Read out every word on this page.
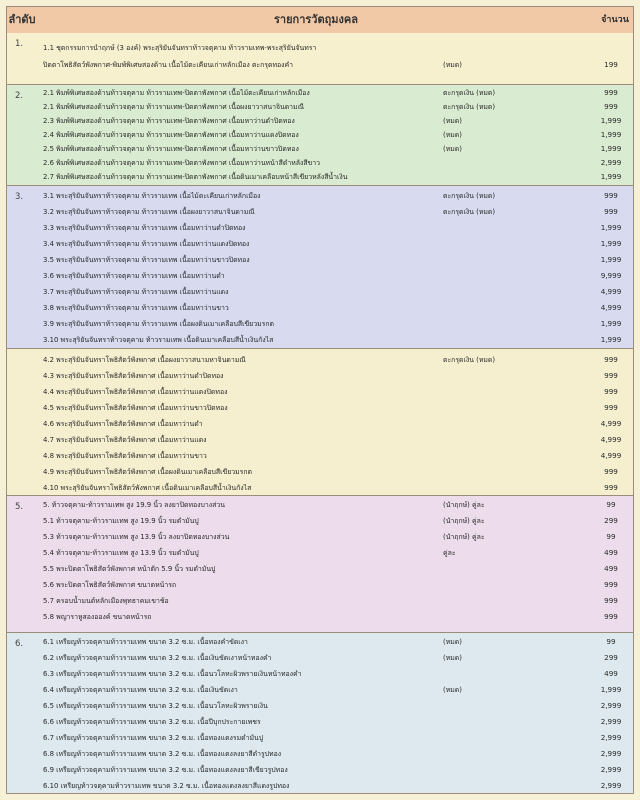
ลำดับ	รายการวัตถุมงคล	จำนวน
1.	1.1 ชุดกรรมการนำฤกษ์ (3 องค์) พระสุริยันจันทราท้าวจตุคาม ท้าวรามเทพ-พระสุริยันจันทรา
ปิดตาโพธิสัตว์พังพกาศ-พิมพ์พิเศษสองด้าน เนื้อไม้ตะเคียนเก่าหลักเมือง ตะกรุดทองคำ	(หมด)	199
2.	2.1 พิมพ์พิเศษสองด้านท้าวจตุคาม ท้าวรามเทพ-ปิดตาพังพกาศ เนื้อไม้ตะเคียนเก่าหลักเมือง	ตะกรุดเงิน (หมด)	999
2.1 พิมพ์พิเศษสองด้านท้าวจตุคาม ท้าวรามเทพ-ปิดตาพังพกาศ เนื้อผงยาวาสนาจินดามณี	ตะกรุดเงิน (หมด)	999
2.3 พิมพ์พิเศษสองด้านท้าวจตุคาม ท้าวรามเทพ-ปิดตาพังพกาศ เนื้อมหาว่านดำปิดทอง	(หมด)	1,999
2.4 พิมพ์พิเศษสองด้านท้าวจตุคาม ท้าวรามเทพ-ปิดตาพังพกาศ เนื้อมหาว่านแดงปิดทอง	(หมด)	1,999
2.5 พิมพ์พิเศษสองด้านท้าวจตุคาม ท้าวรามเทพ-ปิดตาพังพกาศ เนื้อมหาว่านขาวปิดทอง	(หมด)	1,999
2.6 พิมพ์พิเศษสองด้านท้าวจตุคาม ท้าวรามเทพ-ปิดตาพังพกาศ เนื้อมหาว่านหน้าสีดำหลังสีขาว	2,999
2.7 พิมพ์พิเศษสองด้านท้าวจตุคาม ท้าวรามเทพ-ปิดตาพังพกาศ เนื้อดินเมาเคลือบหน้าสีเขียวหลังสีน้ำเงิน	1,999
3.	3.1 พระสุริยันจันทราท้าวจตุคาม ท้าวรามเทพ เนื้อไม้ตะเคียนเก่าหลักเมือง	ตะกรุดเงิน (หมด)	999
3.2 พระสุริยันจันทราท้าวจตุคาม ท้าวรามเทพ เนื้อผงยาวาสนาจินดามณี	ตะกรุดเงิน (หมด)	999
3.3 พระสุริยันจันทราท้าวจตุคาม ท้าวรามเทพ เนื้อมหาว่านดำปิดทอง	1,999
3.4 พระสุริยันจันทราท้าวจตุคาม ท้าวรามเทพ เนื้อมหาว่านแดงปิดทอง	1,999
3.5 พระสุริยันจันทราท้าวจตุคาม ท้าวรามเทพ เนื้อมหาว่านขาวปิดทอง	1,999
3.6 พระสุริยันจันทราท้าวจตุคาม ท้าวรามเทพ เนื้อมหาว่านดำ	9,999
3.7 พระสุริยันจันทราท้าวจตุคาม ท้าวรามเทพ เนื้อมหาว่านแดง	4,999
3.8 พระสุริยันจันทราท้าวจตุคาม ท้าวรามเทพ เนื้อมหาว่านขาว	4,999
3.9 พระสุริยันจันทราท้าวจตุคาม ท้าวรามเทพ เนื้อผงดินเมาเคลือบสีเขียวมรกต	1,999
3.10 พระสุริยันจันทราท้าวจตุคาม ท้าวรามเทพ เนื้อดินเมาเคลือบสีน้ำเงินกังไส	1,999
4.2 พระสุริยันจันทราโพธิสัตว์พังพกาศ เนื้อผงยาวาสนามหาจินดามณี	ตะกรุดเงิน (หมด)	999
4.3 พระสุริยันจันทราโพธิสัตว์พังพกาศ เนื้อมหาว่านดำปิดทอง	999
4.4 พระสุริยันจันทราโพธิสัตว์พังพกาศ เนื้อมหาว่านแดงปิดทอง	999
4.5 พระสุริยันจันทราโพธิสัตว์พังพกาศ เนื้อมหาว่านขาวปิดทอง	999
4.6 พระสุริยันจันทราโพธิสัตว์พังพกาศ เนื้อมหาว่านดำ	4,999
4.7 พระสุริยันจันทราโพธิสัตว์พังพกาศ เนื้อมหาว่านแดง	4,999
4.8 พระสุริยันจันทราโพธิสัตว์พังพกาศ เนื้อมหาว่านขาว	4,999
4.9 พระสุริยันจันทราโพธิสัตว์พังพกาศ เนื้อผงดินเมาเคลือบสีเขียวมรกต	999
4.10 พระสุริยันจันทราโพธิสัตว์พังพกาศ เนื้อดินเมาเคลือบสีน้ำเงินกังไส	999
5.	5. ท้าวจตุคาม-ท้าวรามเทพ สูง 19.9 นิ้ว ลงยาปิดทองบางส่วน	(นำฤกษ์) คู่ละ	99
5.1 ท้าวจตุคาม-ท้าวรามเทพ สูง 19.9 นิ้ว รมดำมันปู	(นำฤกษ์) คู่ละ	299
5.3 ท้าวจตุคาม-ท้าวรามเทพ สูง 13.9 นิ้ว ลงยาปิดทองบางส่วน	(นำฤกษ์) คู่ละ	99
5.4 ท้าวจตุคาม-ท้าวรามเทพ สูง 13.9 นิ้ว รมดำมันปู	คู่ละ	499
5.5 พระปิดตาโพธิสัตว์พังพกาศ หน้าตัก 5.9 นิ้ว รมดำมันปู	499
5.6 พระปิดตาโพธิสัตว์พังพกาศ ขนาดหน้ารถ	999
5.7 ครอบน้ำมนต์หลักเมืองพุทธาคมเขาช้อ	999
5.8 พญาราหูสองอองค์ ขนาดหน้ารถ	999
6.	6.1 เหรียญท้าวจตุคามท้าวรามเทพ ขนาด 3.2 ซ.ม. เนื้อทองคำขัดเงา	(หมด)	99
6.2 เหรียญท้าวจตุคามท้าวรามเทพ ขนาด 3.2 ซ.ม. เนื้อเงินขัดเงาหน้าทองคำ	(หมด)	299
6.3 เหรียญท้าวจตุคามท้าวรามเทพ ขนาด 3.2 ซ.ม. เนื้อนวโลหะผิวพรายเงินหน้าทองคำ	499
6.4 เหรียญท้าวจตุคามท้าวรามเทพ ขนาด 3.2 ซ.ม. เนื้อเงินขัดเงา	(หมด)	1,999
6.5 เหรียญท้าวจตุคามท้าวรามเทพ ขนาด 3.2 ซ.ม. เนื้อนวโลหะผิวพรายเงิน	2,999
6.6 เหรียญท้าวจตุคามท้าวรามเทพ ขนาด 3.2 ซ.ม. เนื้อปีบุกประกายเพชร	2,999
6.7 เหรียญท้าวจตุคามท้าวรามเทพ ขนาด 3.2 ซ.ม. เนื้อทองแดงรมดำมันปู	2,999
6.8 เหรียญท้าวจตุคามท้าวรามเทพ ขนาด 3.2 ซ.ม. เนื้อทองแดงลงยาสีดำรูปทอง	2,999
6.9 เหรียญท้าวจตุคามท้าวรามเทพ ขนาด 3.2 ซ.ม. เนื้อทองแดงลงยาสีเขียวรูปทอง	2,999
6.10 เหรียญท้าวจตุคามท้าวรามเทพ ขนาด 3.2 ซ.ม. เนื้อทองแดงลงยาสีแดงรูปทอง	2,999
